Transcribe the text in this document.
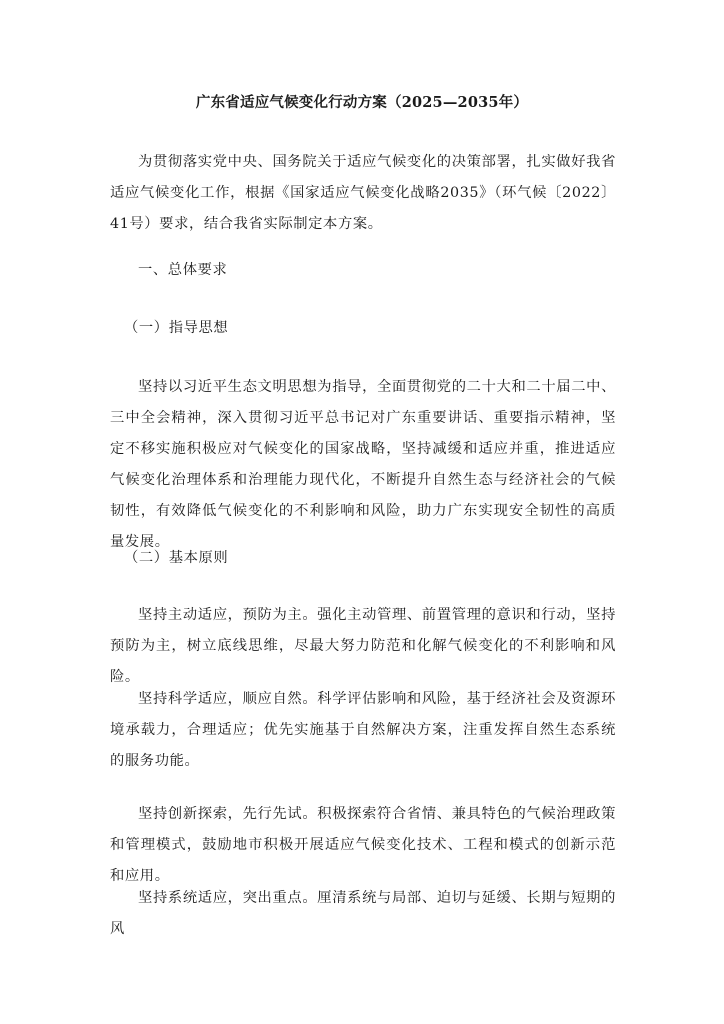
广东省适应气候变化行动方案（2025—2035年）

为贯彻落实党中央、国务院关于适应气候变化的决策部署，扎实做好我省适应气候变化工作，根据《国家适应气候变化战略2035》（环气候〔2022〕41号）要求，结合我省实际制定本方案。

一、总体要求
（一）指导思想

坚持以习近平生态文明思想为指导，全面贯彻党的二十大和二十届二中、三中全会精神，深入贯彻习近平总书记对广东重要讲话、重要指示精神，坚定不移实施积极应对气候变化的国家战略，坚持减缓和适应并重，推进适应气候变化治理体系和治理能力现代化，不断提升自然生态与经济社会的气候韧性，有效降低气候变化的不利影响和风险，助力广东实现安全韧性的高质量发展。

（二）基本原则

坚持主动适应，预防为主。强化主动管理、前置管理的意识和行动，坚持预防为主，树立底线思维，尽最大努力防范和化解气候变化的不利影响和风险。

坚持科学适应，顺应自然。科学评估影响和风险，基于经济社会及资源环境承载力，合理适应；优先实施基于自然解决方案，注重发挥自然生态系统的服务功能。

坚持创新探索，先行先试。积极探索符合省情、兼具特色的气候治理政策和管理模式，鼓励地市积极开展适应气候变化技术、工程和模式的创新示范和应用。

坚持系统适应，突出重点。厘清系统与局部、迫切与延缓、长期与短期的风
